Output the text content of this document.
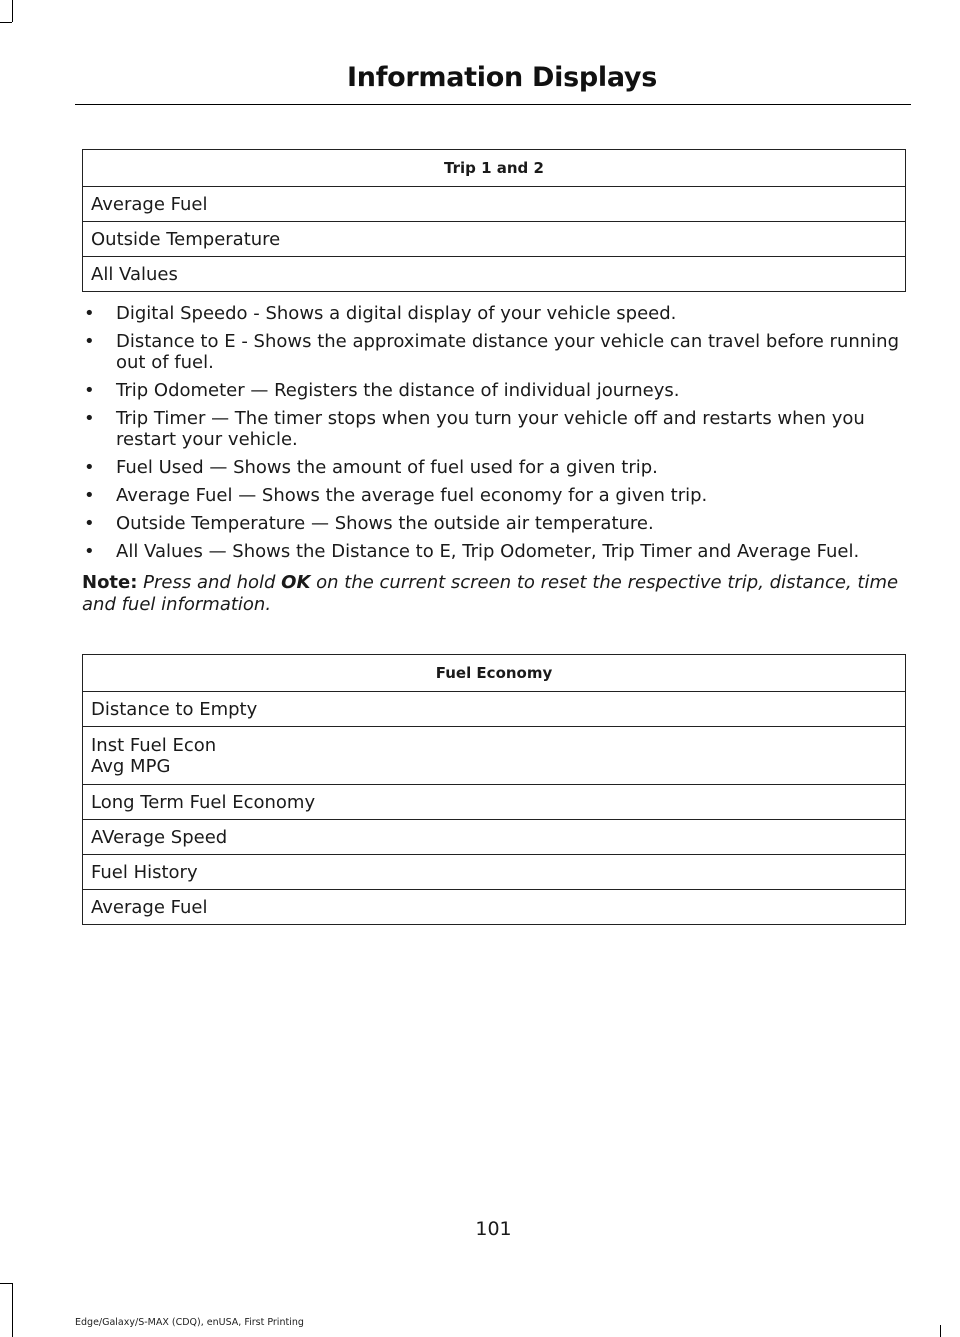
Information Displays
Trip 1 and 2
Average Fuel
Outside Temperature
All Values
• Digital Speedo - Shows a digital display of your vehicle speed.
• Distance to E - Shows the approximate distance your vehicle can travel before running out of fuel.
• Trip Odometer — Registers the distance of individual journeys.
• Trip Timer — The timer stops when you turn your vehicle off and restarts when you restart your vehicle.
• Fuel Used — Shows the amount of fuel used for a given trip.
• Average Fuel — Shows the average fuel economy for a given trip.
• Outside Temperature — Shows the outside air temperature.
• All Values — Shows the Distance to E, Trip Odometer, Trip Timer and Average Fuel.
Note: Press and hold OK on the current screen to reset the respective trip, distance, time and fuel information.
Fuel Economy
Distance to Empty
Inst Fuel Econ
Avg MPG
Long Term Fuel Economy
AVerage Speed
Fuel History
Average Fuel
101
Edge/Galaxy/S-MAX (CDQ), enUSA, First Printing
